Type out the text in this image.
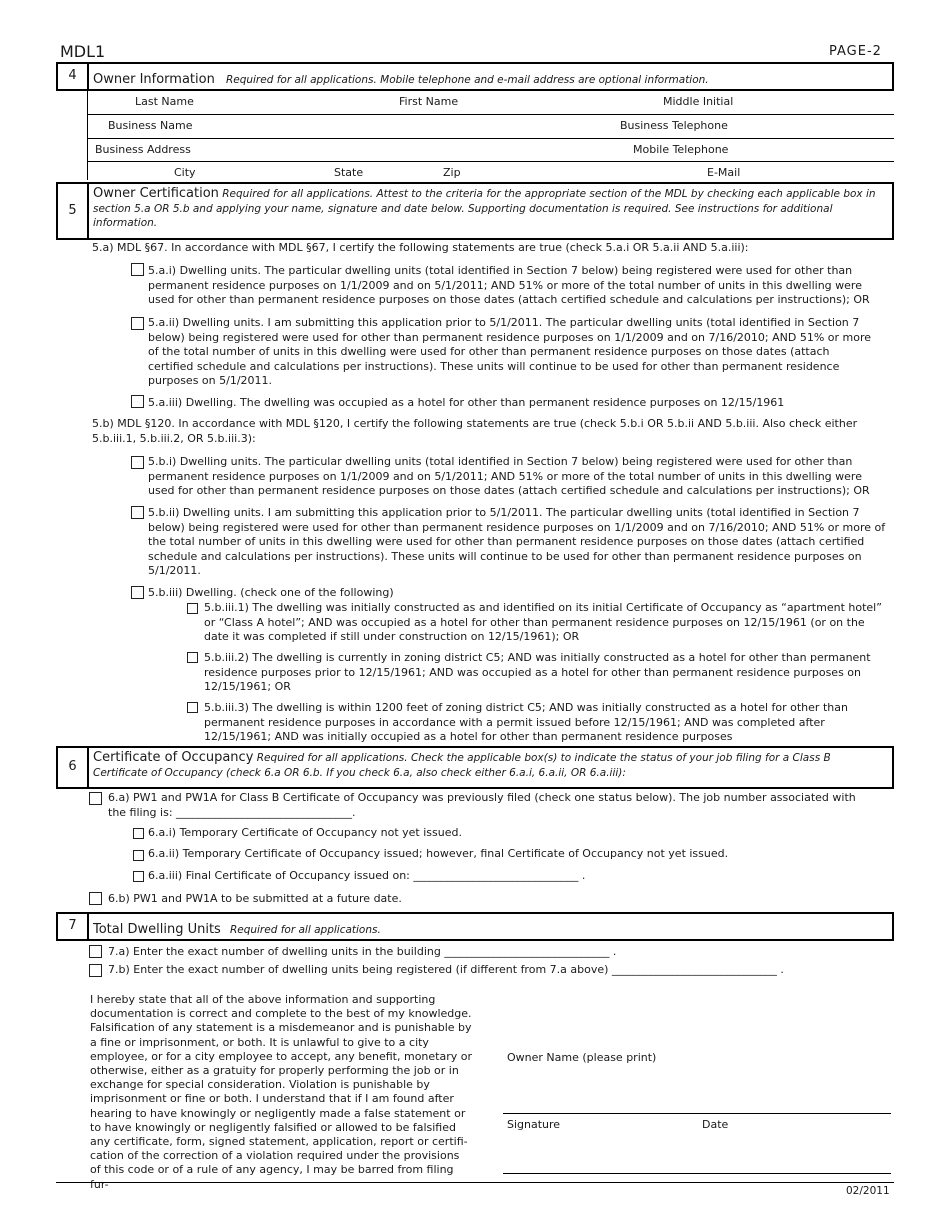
MDL1	PAGE-2
4	Owner Information Required for all applications. Mobile telephone and e-mail address are optional information.
Last Name	First Name	Middle Initial
Business Name	Business Telephone
Business Address	Mobile Telephone
City	State	Zip	E-Mail
5
Owner Certification Required for all applications. Attest to the criteria for the appropriate section of the MDL by checking each applicable box in section 5.a OR 5.b and applying your name, signature and date below. Supporting documentation is required. See instructions for additional information.
5.a) MDL §67. In accordance with MDL §67, I certify the following statements are true (check 5.a.i OR 5.a.ii AND 5.a.iii):
5.a.i) Dwelling units. The particular dwelling units (total identified in Section 7 below) being registered were used for other than permanent residence purposes on 1/1/2009 and on 5/1/2011; AND 51% or more of the total number of units in this dwelling were used for other than permanent residence purposes on those dates (attach certified schedule and calculations per instructions); OR
5.a.ii) Dwelling units. I am submitting this application prior to 5/1/2011. The particular dwelling units (total identified in Section 7 below) being registered were used for other than permanent residence purposes on 1/1/2009 and on 7/16/2010; AND 51% or more of the total number of units in this dwelling were used for other than permanent residence purposes on those dates (attach certified schedule and calculations per instructions). These units will continue to be used for other than permanent residence purposes on 5/1/2011.
5.a.iii) Dwelling. The dwelling was occupied as a hotel for other than permanent residence purposes on 12/15/1961
5.b) MDL §120. In accordance with MDL §120, I certify the following statements are true (check 5.b.i OR 5.b.ii AND 5.b.iii. Also check either 5.b.iii.1, 5.b.iii.2, OR 5.b.iii.3):
5.b.i) Dwelling units. The particular dwelling units (total identified in Section 7 below) being registered were used for other than permanent residence purposes on 1/1/2009 and on 5/1/2011; AND 51% or more of the total number of units in this dwelling were used for other than permanent residence purposes on those dates (attach certified schedule and calculations per instructions); OR
5.b.ii) Dwelling units. I am submitting this application prior to 5/1/2011. The particular dwelling units (total identified in Section 7 below) being registered were used for other than permanent residence purposes on 1/1/2009 and on 7/16/2010; AND 51% or more of the total number of units in this dwelling were used for other than permanent residence purposes on those dates (attach certified schedule and calculations per instructions). These units will continue to be used for other than permanent residence purposes on 5/1/2011.
5.b.iii) Dwelling. (check one of the following)
5.b.iii.1) The dwelling was initially constructed as and identified on its initial Certificate of Occupancy as “apartment hotel” or “Class A hotel”; AND was occupied as a hotel for other than permanent residence purposes on 12/15/1961 (or on the date it was completed if still under construction on 12/15/1961); OR
5.b.iii.2) The dwelling is currently in zoning district C5; AND was initially constructed as a hotel for other than permanent residence purposes prior to 12/15/1961; AND was occupied as a hotel for other than permanent residence purposes on 12/15/1961; OR
5.b.iii.3) The dwelling is within 1200 feet of zoning district C5; AND was initially constructed as a hotel for other than permanent residence purposes in accordance with a permit issued before 12/15/1961; AND was completed after 12/15/1961; AND was initially occupied as a hotel for other than permanent residence purposes
6
Certificate of Occupancy Required for all applications. Check the applicable box(s) to indicate the status of your job filing for a Class B Certificate of Occupancy (check 6.a OR 6.b. If you check 6.a, also check either 6.a.i, 6.a.ii, OR 6.a.iii):
6.a) PW1 and PW1A for Class B Certificate of Occupancy was previously filed (check one status below). The job number associated with the filing is: ________________________________.
6.a.i) Temporary Certificate of Occupancy not yet issued.
6.a.ii) Temporary Certificate of Occupancy issued; however, final Certificate of Occupancy not yet issued.
6.a.iii) Final Certificate of Occupancy issued on: ______________________________ .
6.b) PW1 and PW1A to be submitted at a future date.
7	Total Dwelling Units Required for all applications.
7.a) Enter the exact number of dwelling units in the building ______________________________ .
7.b) Enter the exact number of dwelling units being registered (if different from 7.a above) ______________________________ .
I hereby state that all of the above information and supporting documentation is correct and complete to the best of my knowledge. Falsification of any statement is a misdemeanor and is punishable by a fine or imprisonment, or both. It is unlawful to give to a city employee, or for a city employee to accept, any benefit, monetary or otherwise, either as a gratuity for properly performing the job or in exchange for special consideration. Violation is punishable by imprisonment or fine or both. I understand that if I am found after hearing to have knowingly or negligently made a false statement or to have knowingly or negligently falsified or allowed to be falsified any certificate, form, signed statement, application, report or certifi-cation of the correction of a violation required under the provisions of this code or of a rule of any agency, I may be barred from filing fur-
Owner Name (please print)
Signature	Date
02/2011
